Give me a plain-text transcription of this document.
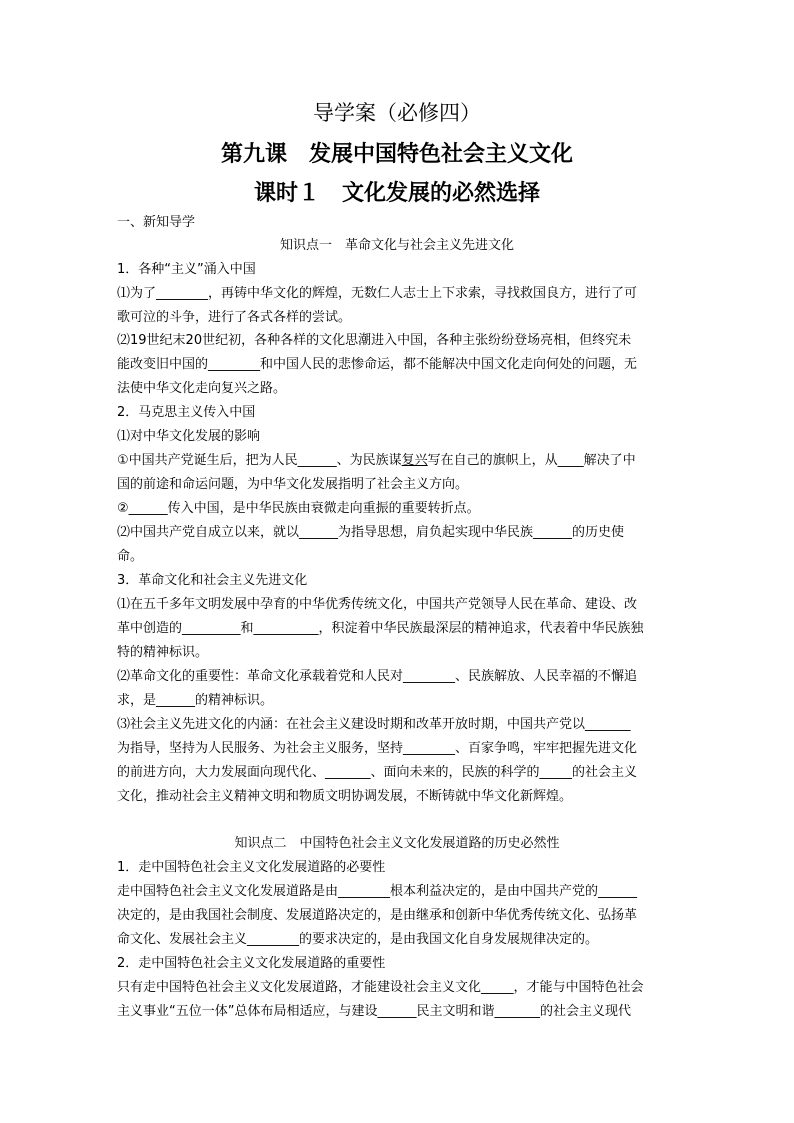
导学案（必修四）
第九课　发展中国特色社会主义文化
课时１　文化发展的必然选择
一、新知导学
知识点一　革命文化与社会主义先进文化
1．各种“主义”涌入中国
⑴为了________，再铸中华文化的辉煌，无数仁人志士上下求索，寻找救国良方，进行了可
歌可泣的斗争，进行了各式各样的尝试。
⑵19世纪末20世纪初，各种各样的文化思潮进入中国，各种主张纷纷登场亮相，但终究未
能改变旧中国的________和中国人民的悲惨命运，都不能解决中国文化走向何处的问题，无
法使中华文化走向复兴之路。
2．马克思主义传入中国
⑴对中华文化发展的影响
①中国共产党诞生后，把为人民______、为民族谋复兴写在自己的旗帜上，从____解决了中
国的前途和命运问题，为中华文化发展指明了社会主义方向。
②______传入中国，是中华民族由衰微走向重振的重要转折点。
⑵中国共产党自成立以来，就以______为指导思想，肩负起实现中华民族______的历史使
命。
3．革命文化和社会主义先进文化
⑴在五千多年文明发展中孕育的中华优秀传统文化，中国共产党领导人民在革命、建设、改
革中创造的_________和__________，积淀着中华民族最深层的精神追求，代表着中华民族独
特的精神标识。
⑵革命文化的重要性：革命文化承载着党和人民对________、民族解放、人民幸福的不懈追
求，是______的精神标识。
⑶社会主义先进文化的内涵：在社会主义建设时期和改革开放时期，中国共产党以_______
为指导，坚持为人民服务、为社会主义服务，坚持________、百家争鸣，牢牢把握先进文化
的前进方向，大力发展面向现代化、_______、面向未来的，民族的科学的_____的社会主义
文化，推动社会主义精神文明和物质文明协调发展，不断铸就中华文化新辉煌。
知识点二　中国特色社会主义文化发展道路的历史必然性
1．走中国特色社会主义文化发展道路的必要性
走中国特色社会主义文化发展道路是由________根本利益决定的，是由中国共产党的______
决定的，是由我国社会制度、发展道路决定的，是由继承和创新中华优秀传统文化、弘扬革
命文化、发展社会主义________的要求决定的，是由我国文化自身发展规律决定的。
2．走中国特色社会主义文化发展道路的重要性
只有走中国特色社会主义文化发展道路，才能建设社会主义文化_____，才能与中国特色社会
主义事业“五位一体”总体布局相适应，与建设______民主文明和谐_______的社会主义现代
